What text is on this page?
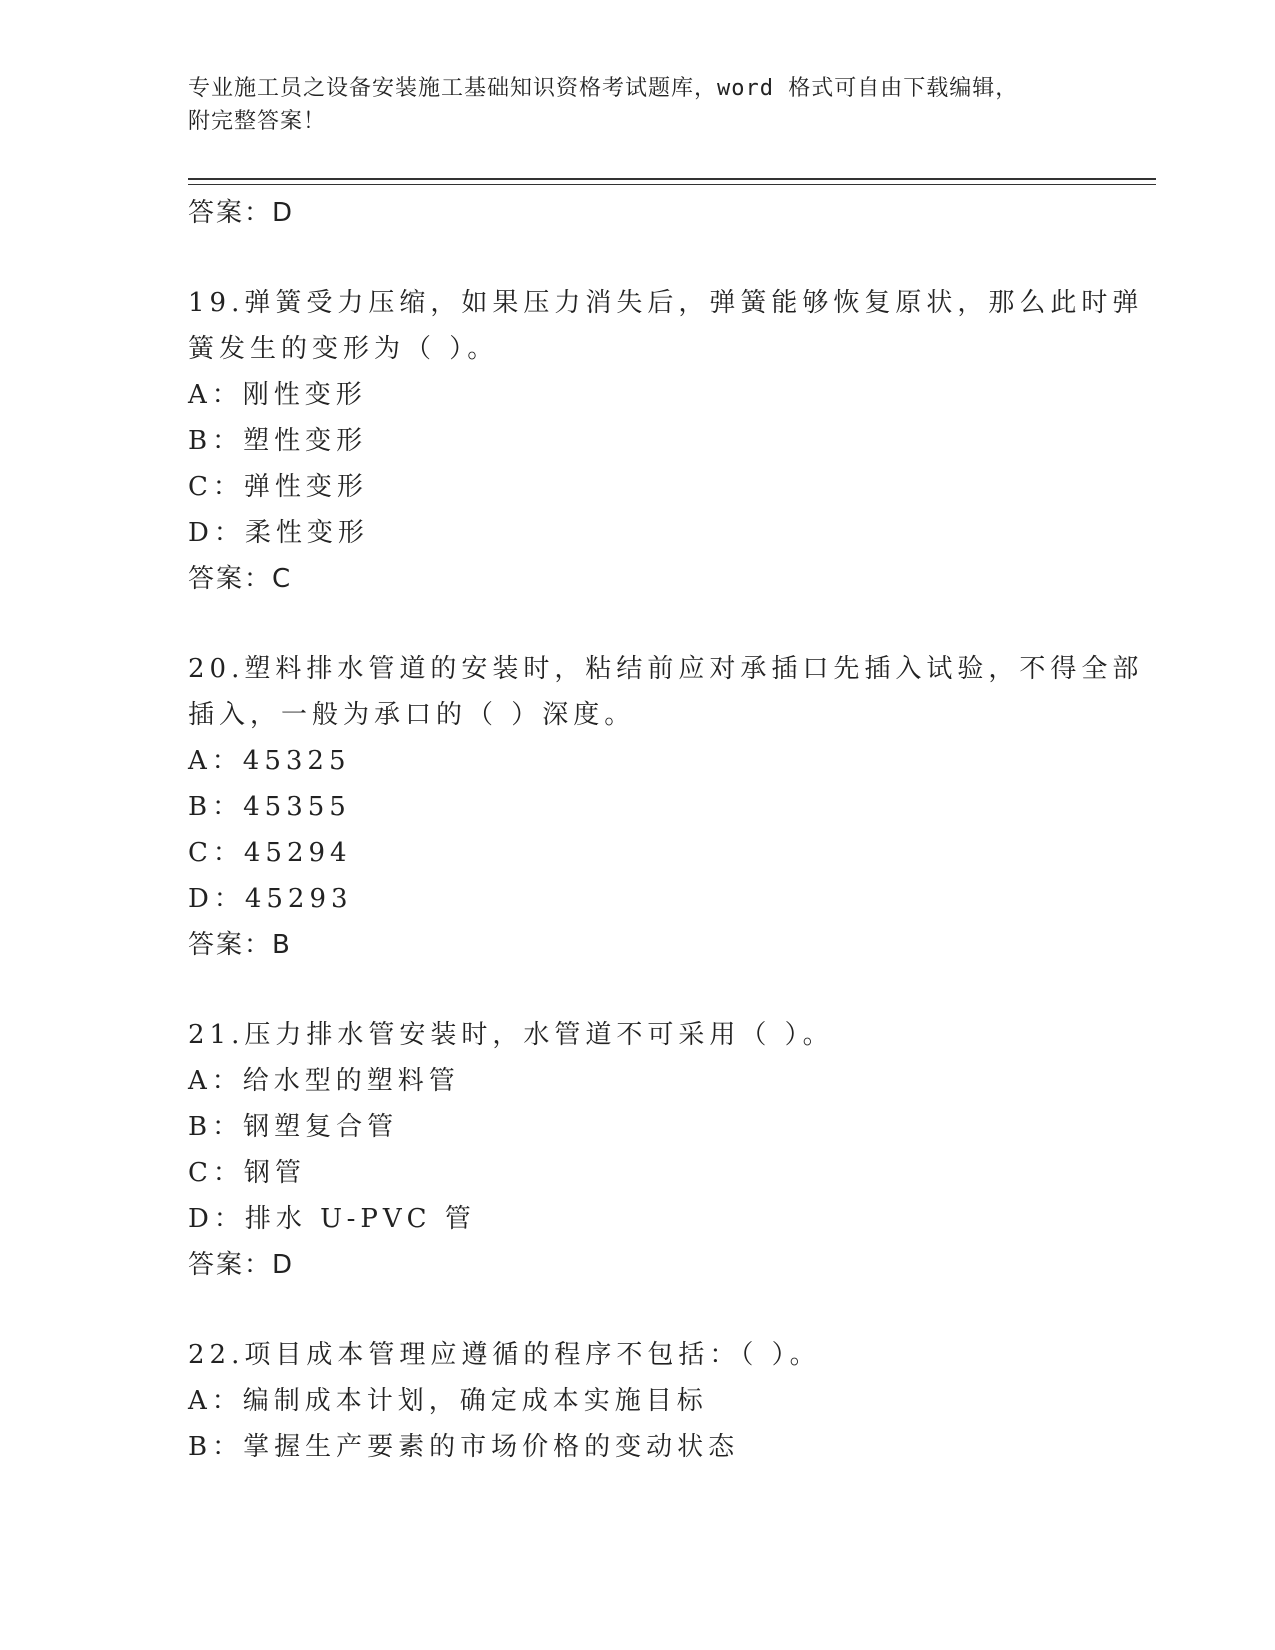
专业施工员之设备安装施工基础知识资格考试题库，word 格式可自由下载编辑，
附完整答案！
答案：D
19.弹簧受力压缩，如果压力消失后，弹簧能够恢复原状，那么此时弹
簧发生的变形为（ ）。
A：刚性变形
B：塑性变形
C：弹性变形
D：柔性变形
答案：C
20.塑料排水管道的安装时，粘结前应对承插口先插入试验，不得全部
插入，一般为承口的（ ）深度。
A：45325
B：45355
C：45294
D：45293
答案：B
21.压力排水管安装时，水管道不可采用（ ）。
A：给水型的塑料管
B：钢塑复合管
C：钢管
D：排水 U-PVC 管
答案：D
22.项目成本管理应遵循的程序不包括：（ ）。
A：编制成本计划，确定成本实施目标
B：掌握生产要素的市场价格的变动状态
